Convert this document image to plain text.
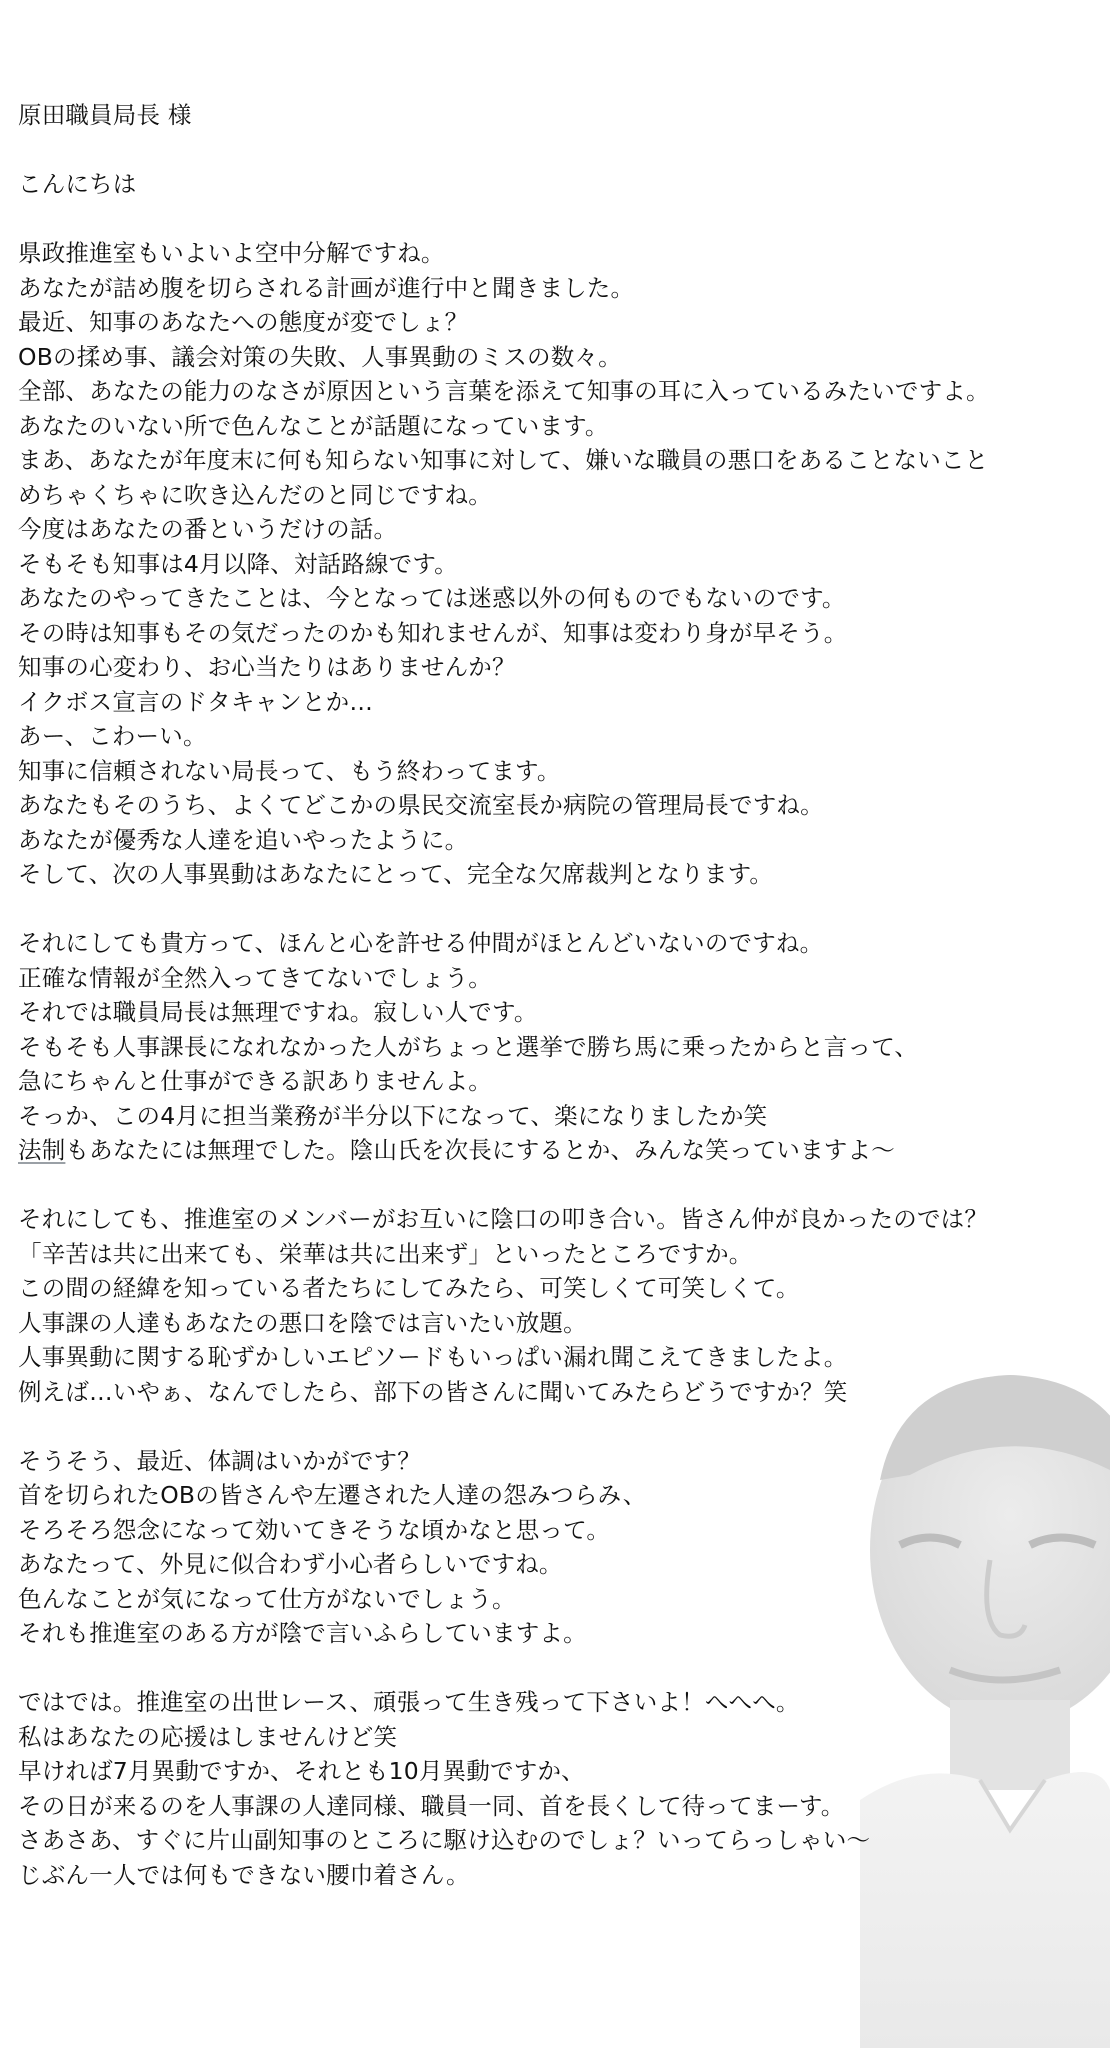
原田職員局長 様
こんにちは
県政推進室もいよいよ空中分解ですね。
あなたが詰め腹を切らされる計画が進行中と聞きました。
最近、知事のあなたへの態度が変でしょ？
OBの揉め事、議会対策の失敗、人事異動のミスの数々。
全部、あなたの能力のなさが原因という言葉を添えて知事の耳に入っているみたいですよ。
あなたのいない所で色んなことが話題になっています。
まあ、あなたが年度末に何も知らない知事に対して、嫌いな職員の悪口をあることないこと
めちゃくちゃに吹き込んだのと同じですね。
今度はあなたの番というだけの話。
そもそも知事は4月以降、対話路線です。
あなたのやってきたことは、今となっては迷惑以外の何ものでもないのです。
その時は知事もその気だったのかも知れませんが、知事は変わり身が早そう。
知事の心変わり、お心当たりはありませんか？
イクボス宣言のドタキャンとか…
あー、こわーい。
知事に信頼されない局長って、もう終わってます。
あなたもそのうち、よくてどこかの県民交流室長か病院の管理局長ですね。
あなたが優秀な人達を追いやったように。
そして、次の人事異動はあなたにとって、完全な欠席裁判となります。
それにしても貴方って、ほんと心を許せる仲間がほとんどいないのですね。
正確な情報が全然入ってきてないでしょう。
それでは職員局長は無理ですね。寂しい人です。
そもそも人事課長になれなかった人がちょっと選挙で勝ち馬に乗ったからと言って、
急にちゃんと仕事ができる訳ありませんよ。
そっか、この4月に担当業務が半分以下になって、楽になりましたか笑
法制もあなたには無理でした。陰山氏を次長にするとか、みんな笑っていますよ〜
それにしても、推進室のメンバーがお互いに陰口の叩き合い。皆さん仲が良かったのでは？
「辛苦は共に出来ても、栄華は共に出来ず」といったところですか。
この間の経緯を知っている者たちにしてみたら、可笑しくて可笑しくて。
人事課の人達もあなたの悪口を陰では言いたい放題。
人事異動に関する恥ずかしいエピソードもいっぱい漏れ聞こえてきましたよ。
例えば…いやぁ、なんでしたら、部下の皆さんに聞いてみたらどうですか？笑
そうそう、最近、体調はいかがです？
首を切られたOBの皆さんや左遷された人達の怨みつらみ、
そろそろ怨念になって効いてきそうな頃かなと思って。
あなたって、外見に似合わず小心者らしいですね。
色んなことが気になって仕方がないでしょう。
それも推進室のある方が陰で言いふらしていますよ。
ではでは。推進室の出世レース、頑張って生き残って下さいよ！へへへ。
私はあなたの応援はしませんけど笑
早ければ7月異動ですか、それとも10月異動ですか、
その日が来るのを人事課の人達同様、職員一同、首を長くして待ってまーす。
さあさあ、すぐに片山副知事のところに駆け込むのでしょ？いってらっしゃい〜
じぶん一人では何もできない腰巾着さん。
